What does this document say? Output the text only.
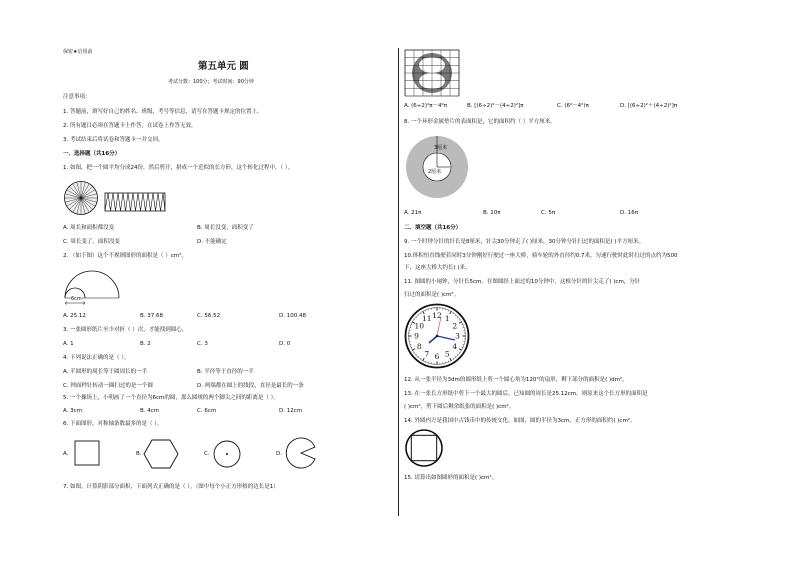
保密★启用前
第五单元 圆
考试分数：100分；考试时间：90分钟
注意事项：
1. 答题前，填写好自己的姓名、班级、考号等信息，请写在答题卡规定的位置上。
2. 所有题目必须在答题卡上作答，在试卷上作答无效。
3. 考试结束后将试卷和答题卡一并交回。
一、选择题（共16分）
1. 如图，把一个圆平均分成24份，然后剪开，拼成一个近似的长方形，这个转化过程中，（ ）。
A. 周长和面积都没变	B. 周长没变，面积变了
C. 周长变了，面积没变	D. 不能确定
2. （如下图）这个不规则图形的面积是（ ）cm²。
6cm
A. 25.12	B. 37.68	C. 56.52	D. 100.48
3. 一张圆形纸片至少对折（ ）次，才能找到圆心。
A. 1	B. 2	C. 3	D. 0
4. 下列说法正确的是（ ）。
A. 半圆形的周长等于圆周长的一半	B. 半径等于直径的一半
C. 钟面秒针转动一圈扫过的是一个圆	D. 两端都在圆上的线段，直径是最长的一条
5. 一个操场上，小明画了一个直径为6cm的圆，那么圆规的两个脚尖之间的距离是（ ）。
A. 3cm	B. 4cm	C. 6cm	D. 12cm
6. 下面图形，对称轴条数最多的是（ ）。
A.	B.	C.	D.
7. 如图，计算阴影部分面积，下面列式正确的是（ ）。（图中每个小正方形格的边长是1）
A. (6÷2)²π－4²π	B. [(6÷2)²－(4÷2)²]π	C. (6²－4²)π	D. [(6÷2)²＋(4÷2)²]π
8. 一个环形金属垫片的表面积是，它的面积约（ ）平方厘米。
3厘米
2厘米
A. 21π	B. 10π	C. 5π	D. 16π
二、填空题（共16分）
9. 一个时钟分针的针长是8厘米，针尖30分钟走了( )厘米，30分钟分针扫过的面积是( )平方厘米。
10.体积恒直线驶若同时3分钟刚好行驶过一座大桥，骑车轮的外直径约0.7米，匀速行驶时此时扫过的点约为500
下，这座大桥大约长( )米。
11. 图圆的小闹钟，分针长5cm。在图圆经上面过的10分钟中，这根分针的针尖走了( )cm，分针
扫过的面积是( )cm²。
12 1
2
3
4
5
6
7
8
9
10
11
12. 从一张半径为3dm的圆形纸上剪一个圆心角为120°的扇形，剩下部分的面积是( )dm²。
13. 在一张长方形纸中剪下一个最大的圆后，已知圆的周长是25.12cm，则原来这个长方形的面积是
( )cm²，剪下圆后剩余纸张的面积是( )cm²。
14. 外圆内方是我国中古钱币中的传统文化。如图，圆的半径为3cm，正方形的面积约( )cm²。
15. 请算出如图圆形的面积是( )cm²。
